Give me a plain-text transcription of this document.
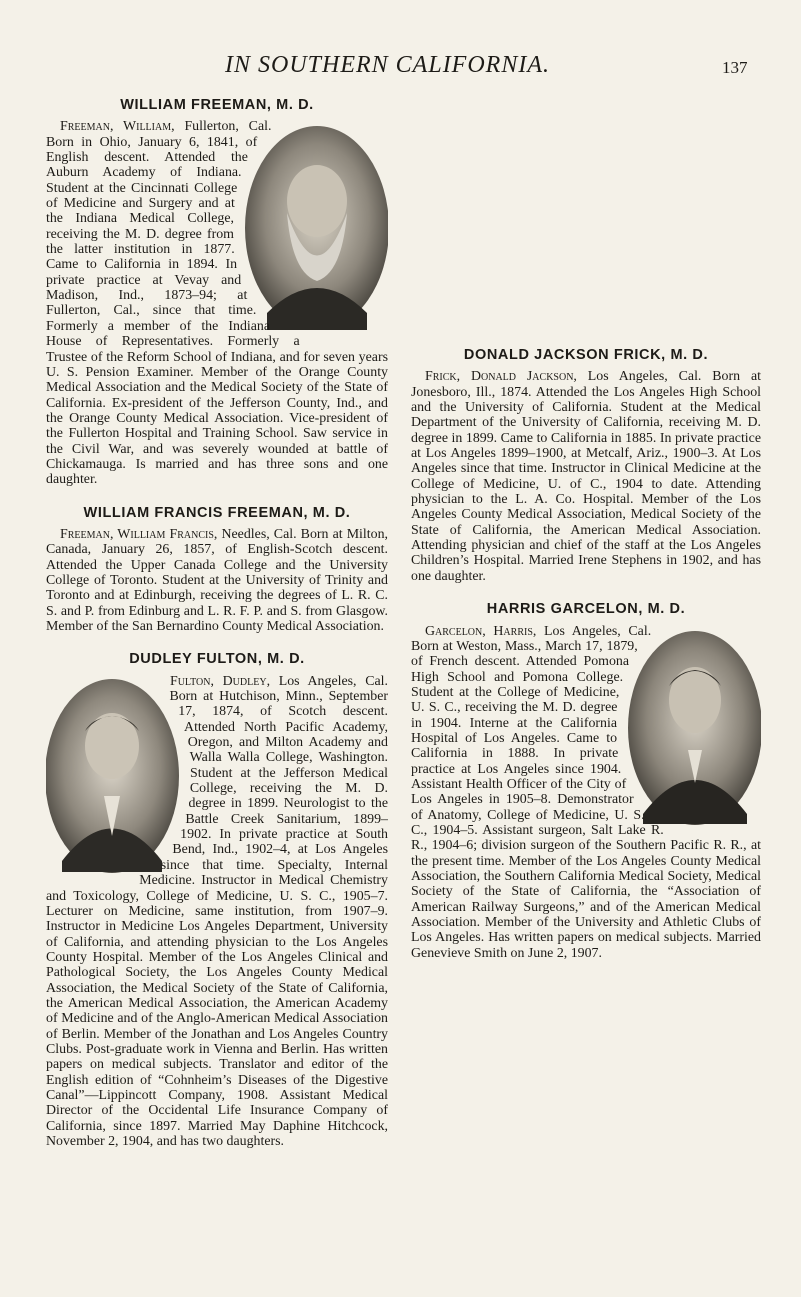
IN SOUTHERN CALIFORNIA.	137
WILLIAM FREEMAN, M. D.

Freeman, William, Fullerton, Cal. Born in Ohio, January 6, 1841, of English descent. Attended the Auburn Academy of Indiana. Student at the Cincinnati College of Medicine and Surgery and at the Indiana Medical College, receiving the M. D. degree from the latter institution in 1877. Came to California in 1894. In private practice at Vevay and Madison, Ind., 1873–94; at Fullerton, Cal., since that time. Formerly a member of the Indiana House of Representatives. Formerly a Trustee of the Reform School of Indiana, and for seven years U. S. Pension Examiner. Member of the Orange County Medical Association and the Medical Society of the State of California. Ex-president of the Jefferson County, Ind., and the Orange County Medical Association. Vice-president of the Fullerton Hospital and Training School. Saw service in the Civil War, and was severely wounded at battle of Chickamauga. Is married and has three sons and one daughter.

WILLIAM FRANCIS FREEMAN, M. D.

Freeman, William Francis, Needles, Cal. Born at Milton, Canada, January 26, 1857, of English-Scotch descent. Attended the Upper Canada College and the University College of Toronto. Student at the University of Trinity and Toronto and at Edinburgh, receiving the degrees of L. R. C. S. and P. from Edinburg and L. R. F. P. and S. from Glasgow. Member of the San Bernardino County Medical Association.

DUDLEY FULTON, M. D.

Fulton, Dudley, Los Angeles, Cal. Born at Hutchison, Minn., September 17, 1874, of Scotch descent. Attended North Pacific Academy, Oregon, and Milton Academy and Walla Walla College, Washington. Student at the Jefferson Medical College, receiving the M. D. degree in 1899. Neurologist to the Battle Creek Sanitarium, 1899–1902. In private practice at South Bend, Ind., 1902–4, at Los Angeles since that time. Specialty, Internal Medicine. Instructor in Medical Chemistry and Toxicology, College of Medicine, U. S. C., 1905–7. Lecturer on Medicine, same institution, from 1907–9. Instructor in Medicine Los Angeles Department, University of California, and attending physician to the Los Angeles County Hospital. Member of the Los Angeles Clinical and Pathological Society, the Los Angeles County Medical Association, the Medical Society of the State of California, the American Medical Association, the American Academy of Medicine and of the Anglo-American Medical Association of Berlin. Member of the Jonathan and Los Angeles Country Clubs. Post-graduate work in Vienna and Berlin. Has written papers on medical subjects. Translator and editor of the English edition of “Cohnheim’s Diseases of the Digestive Canal”—Lippincott Company, 1908. Assistant Medical Director of the Occidental Life Insurance Company of California, since 1897. Married May Daphine Hitchcock, November 2, 1904, and has two daughters.

DONALD JACKSON FRICK, M. D.

Frick, Donald Jackson, Los Angeles, Cal. Born at Jonesboro, Ill., 1874. Attended the Los Angeles High School and the University of California. Student at the Medical Department of the University of California, receiving M. D. degree in 1899. Came to California in 1885. In private practice at Los Angeles 1899–1900, at Metcalf, Ariz., 1900–3. At Los Angeles since that time. Instructor in Clinical Medicine at the College of Medicine, U. of C., 1904 to date. Attending physician to the L. A. Co. Hospital. Member of the Los Angeles County Medical Association, Medical Society of the State of California, the American Medical Association. Attending physician and chief of the staff at the Los Angeles Children’s Hospital. Married Irene Stephens in 1902, and has one daughter.

HARRIS GARCELON, M. D.

Garcelon, Harris, Los Angeles, Cal. Born at Weston, Mass., March 17, 1879, of French descent. Attended Pomona High School and Pomona College. Student at the College of Medicine, U. S. C., receiving the M. D. degree in 1904. Interne at the California Hospital of Los Angeles. Came to California in 1888. In private practice at Los Angeles since 1904. Assistant Health Officer of the City of Los Angeles in 1905–8. Demonstrator of Anatomy, College of Medicine, U. S. C., 1904–5. Assistant surgeon, Salt Lake R. R., 1904–6; division surgeon of the Southern Pacific R. R., at the present time. Member of the Los Angeles County Medical Association, the Southern California Medical Society, Medical Society of the State of California, the “Association of American Railway Surgeons,” and of the American Medical Association. Member of the University and Athletic Clubs of Los Angeles. Has written papers on medical subjects. Married Genevieve Smith on June 2, 1907.
